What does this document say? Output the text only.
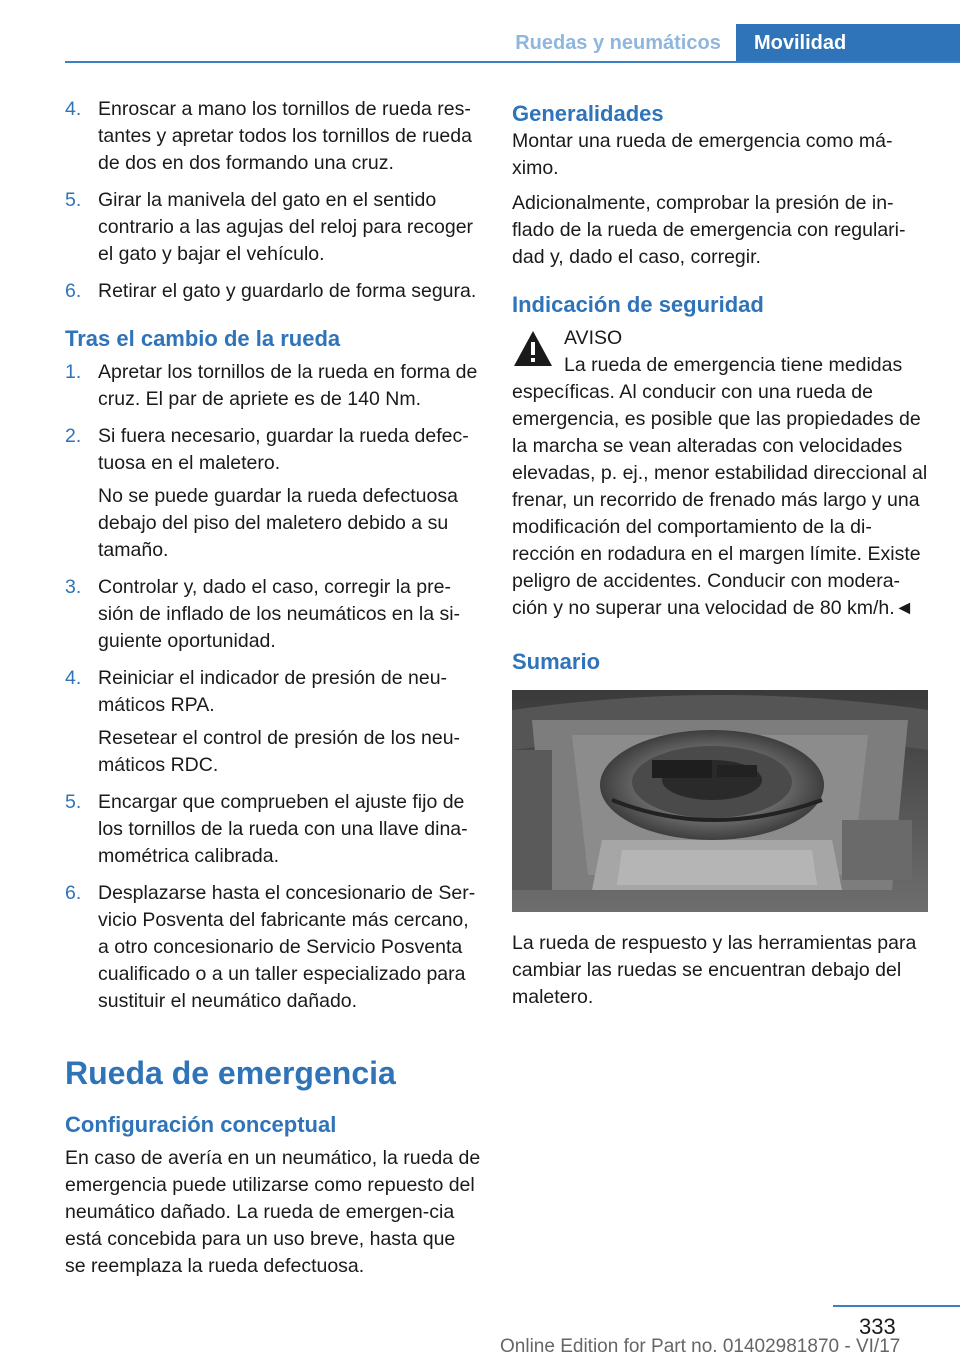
Ruedas y neumáticos	Movilidad
4. Enroscar a mano los tornillos de rueda res-tantes y apretar todos los tornillos de rueda de dos en dos formando una cruz.

5. Girar la manivela del gato en el sentido contrario a las agujas del reloj para recoger el gato y bajar el vehículo.

6. Retirar el gato y guardarlo de forma segura.

Tras el cambio de la rueda
1. Apretar los tornillos de la rueda en forma de cruz. El par de apriete es de 140 Nm.

2. Si fuera necesario, guardar la rueda defec-tuosa en el maletero.

No se puede guardar la rueda defectuosa debajo del piso del maletero debido a su tamaño.

3. Controlar y, dado el caso, corregir la pre-sión de inflado de los neumáticos en la si-guiente oportunidad.

4. Reiniciar el indicador de presión de neu-máticos RPA.

Resetear el control de presión de los neu-máticos RDC.

5. Encargar que comprueben el ajuste fijo de los tornillos de la rueda con una llave dina-mométrica calibrada.

6. Desplazarse hasta el concesionario de Ser-vicio Posventa del fabricante más cercano, a otro concesionario de Servicio Posventa cualificado o a un taller especializado para sustituir el neumático dañado.

Rueda de emergencia
Configuración conceptual

En caso de avería en un neumático, la rueda de emergencia puede utilizarse como repuesto del neumático dañado. La rueda de emergen-cia está concebida para un uso breve, hasta que se reemplaza la rueda defectuosa.

Generalidades

Montar una rueda de emergencia como má-ximo.

Adicionalmente, comprobar la presión de in-flado de la rueda de emergencia con regulari-dad y, dado el caso, corregir.

Indicación de seguridad
AVISO
La rueda de emergencia tiene medidas

específicas. Al conducir con una rueda de emergencia, es posible que las propiedades de la marcha se vean alteradas con velocidades elevadas, p. ej., menor estabilidad direccional al frenar, un recorrido de frenado más largo y una modificación del comportamiento de la di-rección en rodadura en el margen límite. Existe peligro de accidentes. Conducir con modera-ción y no superar una velocidad de 80 km/h.◄

Sumario

La rueda de respuesto y las herramientas para cambiar las ruedas se encuentran debajo del maletero.

333
Online Edition for Part no. 01402981870 - VI/17
